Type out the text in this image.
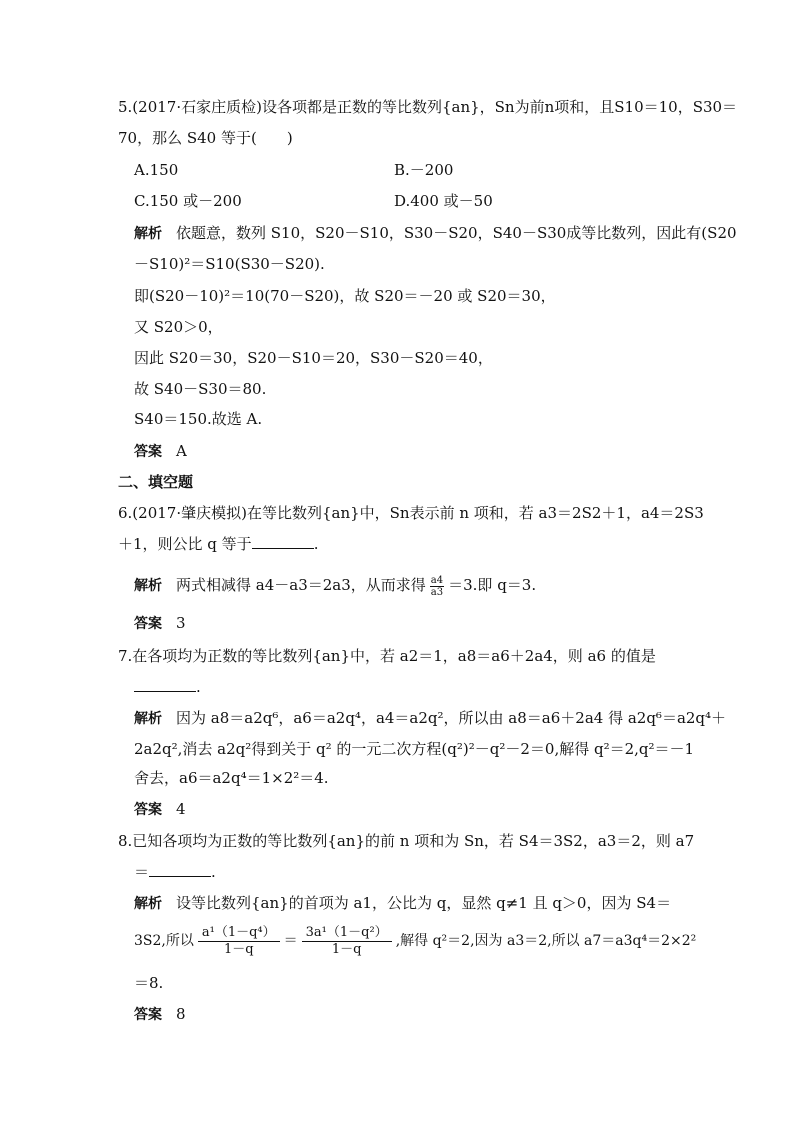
5.(2017·石家庄质检)设各项都是正数的等比数列{an}，Sn为前n项和，且S10＝10，S30＝
70，那么 S40 等于(　　)
A.150	B.－200
C.150 或－200	D.400 或－50
解析 依题意，数列 S10，S20－S10，S30－S20，S40－S30成等比数列，因此有(S20
－S10)²＝S10(S30－S20).
即(S20－10)²＝10(70－S20)，故 S20＝－20 或 S20＝30，
又 S20＞0，
因此 S20＝30，S20－S10＝20，S30－S20＝40，
故 S40－S30＝80.
S40＝150.故选 A.
答案 A
二、填空题
6.(2017·肇庆模拟)在等比数列{an}中，Sn表示前 n 项和，若 a3＝2S2＋1，a4＝2S3
＋1，则公比 q 等于	.
解析 两式相减得 a4－a3＝2a3，从而求得 $\frac{a4}{a3} =3$.即 q＝3.
答案 3
7.在各项均为正数的等比数列{an}中，若 a2＝1，a8＝a6＋2a4，则 a6 的值是
.
解析 因为 a8＝a2q⁶，a6＝a2q⁴，a4＝a2q²，所以由 a8＝a6＋2a4 得 a2q⁶＝a2q⁴＋
2a2q²,消去 a2q²得到关于 q² 的一元二次方程(q²)²－q²－2＝0,解得 q²＝2,q²＝－1
舍去，a6＝a2q⁴＝1×2²＝4.
答案 4
8.已知各项均为正数的等比数列{an}的前 n 项和为 Sn，若 S4＝3S2，a3＝2，则 a7
＝	.
解析 设等比数列{an}的首项为 a1，公比为 q，显然 q≠1 且 q＞0，因为 S4＝
3S2,所以 $\frac{\text{a¹（1－q⁴）}}{1-q} = \frac{\text{3a¹（1－q²）}}{1-q}$ ,解得 q²＝2,因为 a3＝2,所以 a7＝a3q⁴＝2×2²
＝8.
答案 8
